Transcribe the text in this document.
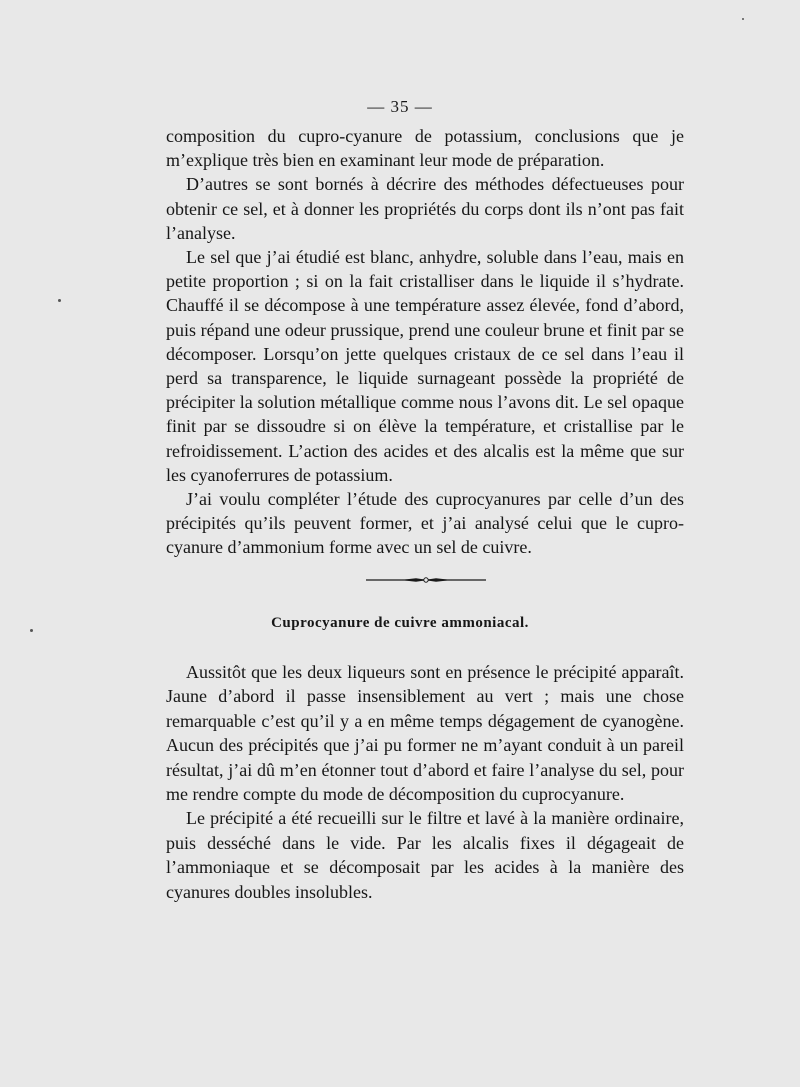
— 35 —

composition du cupro-cyanure de potassium, conclusions que je m’explique très bien en examinant leur mode de préparation.

D’autres se sont bornés à décrire des méthodes défectueuses pour obtenir ce sel, et à donner les propriétés du corps dont ils n’ont pas fait l’analyse.

Le sel que j’ai étudié est blanc, anhydre, soluble dans l’eau, mais en petite proportion ; si on la fait cristalliser dans le liquide il s’hydrate. Chauffé il se décompose à une température assez élevée, fond d’abord, puis répand une odeur prussique, prend une couleur brune et finit par se décomposer. Lorsqu’on jette quelques cristaux de ce sel dans l’eau il perd sa transparence, le liquide surnageant possède la propriété de précipiter la solution métallique comme nous l’avons dit. Le sel opaque finit par se dissoudre si on élève la température, et cristallise par le refroidissement. L’action des acides et des alcalis est la même que sur les cyanoferrures de potassium.

J’ai voulu compléter l’étude des cuprocyanures par celle d’un des précipités qu’ils peuvent former, et j’ai analysé celui que le cupro-cyanure d’ammonium forme avec un sel de cuivre.

Cuprocyanure de cuivre ammoniacal.

Aussitôt que les deux liqueurs sont en présence le précipité apparaît. Jaune d’abord il passe insensiblement au vert ; mais une chose remarquable c’est qu’il y a en même temps dégagement de cyanogène. Aucun des précipités que j’ai pu former ne m’ayant conduit à un pareil résultat, j’ai dû m’en étonner tout d’abord et faire l’analyse du sel, pour me rendre compte du mode de décomposition du cuprocyanure.

Le précipité a été recueilli sur le filtre et lavé à la manière ordinaire, puis desséché dans le vide. Par les alcalis fixes il dégageait de l’ammoniaque et se décomposait par les acides à la manière des cyanures doubles insolubles.
